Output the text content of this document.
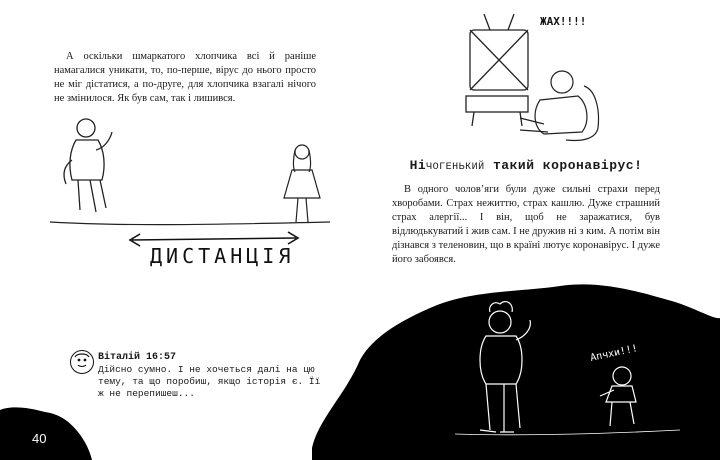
А оскільки шмаркатого хлопчика всі й раніше намагалися уникати, то, по-перше, вірус до нього просто не міг дістатися, а по-друге, для хлопчика взагалі нічого не змінилося. Як був сам, так і лишився.

ДИСТАНЦІЯ
ЖАХ!!!!
НіЧОГЕНЬКИЙ такий коронавірус!

В одного чоловʼяги були дуже сильні страхи перед хворобами. Страх нежиттю, страх кашлю. Дуже страшний страх алергії... І він, щоб не заражатися, був відлюдькуватий і жив сам. І не дружив ні з ким. А потім він дізнався з теленовин, що в країні лютує коронавірус. І дуже його забоявся.

Апчхи!!!
Віталій 16:57

Дійсно сумно. І не хочеться далі на цю тему, та що поробиш, якщо історія є. Її ж не перепишеш...

40
